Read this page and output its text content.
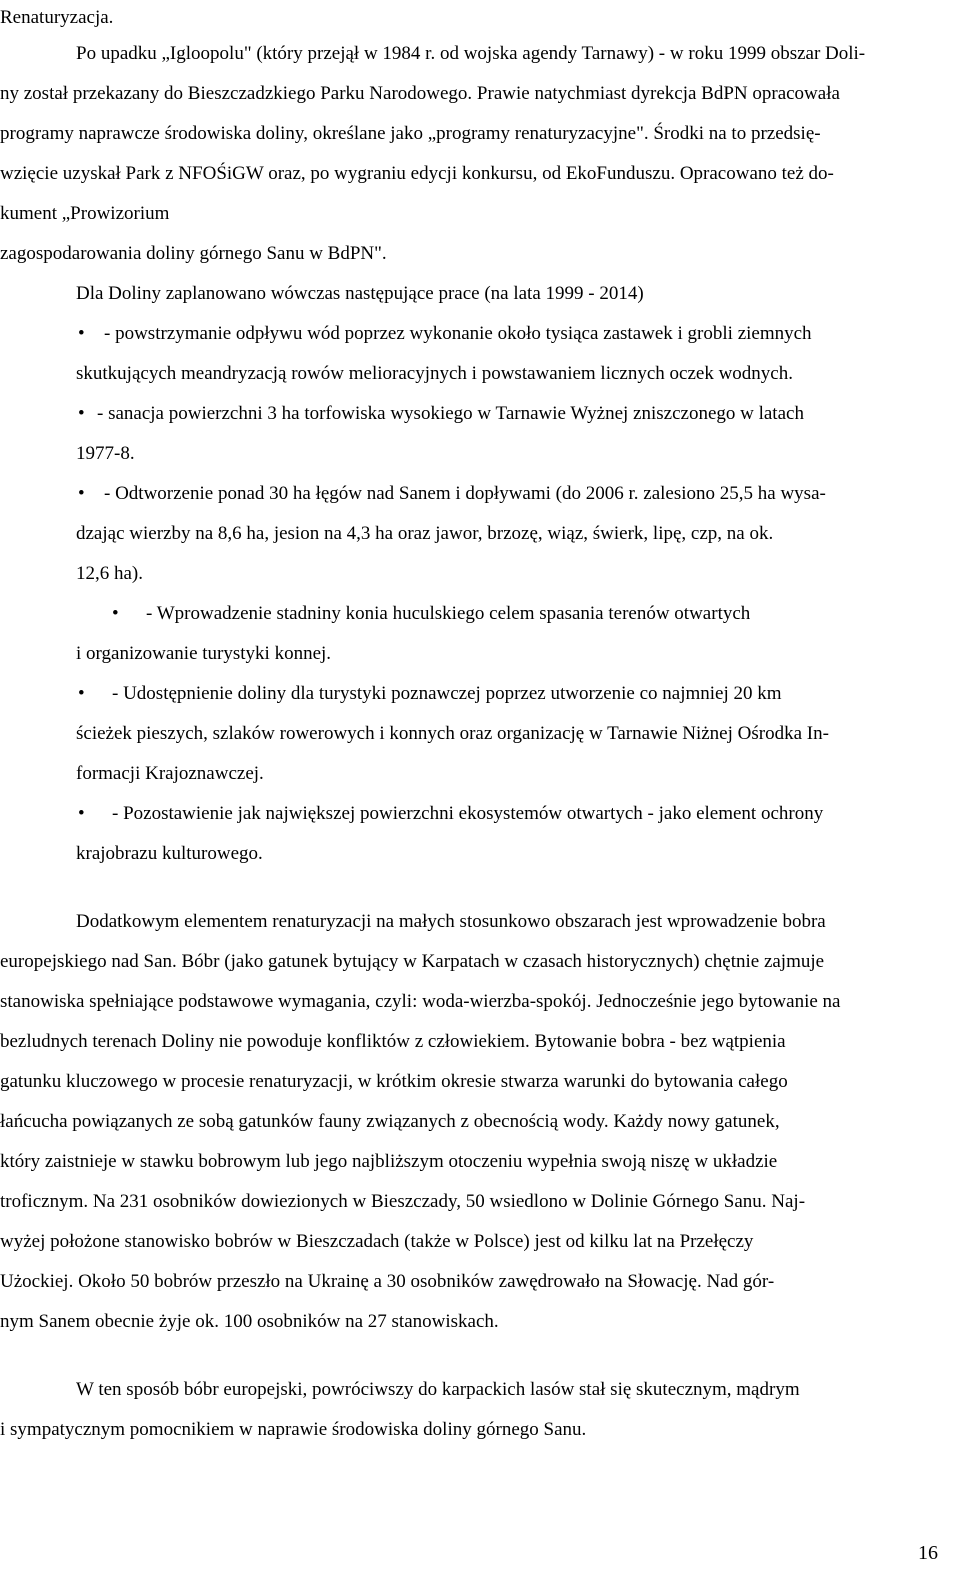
Renaturyzacja.
Po upadku „Igloopolu" (który przejął w 1984 r. od wojska agendy Tarnawy) - w roku 1999 obszar Doli-
ny został przekazany do Bieszczadzkiego Parku Narodowego. Prawie natychmiast dyrekcja BdPN opracowała
programy naprawcze środowiska doliny, określane jako „programy renaturyzacyjne". Środki na to przedsię-
wzięcie uzyskał Park z NFOŚiGW oraz, po wygraniu edycji konkursu, od EkoFunduszu. Opracowano też do-
kument „Prowizorium
zagospodarowania doliny górnego Sanu w BdPN".
Dla Doliny zaplanowano wówczas następujące prace (na lata 1999 - 2014)
• - powstrzymanie odpływu wód poprzez wykonanie około tysiąca zastawek i grobli ziemnych
skutkujących meandryzacją rowów melioracyjnych i powstawaniem licznych oczek wodnych.
• - sanacja powierzchni 3 ha torfowiska wysokiego w Tarnawie Wyżnej zniszczonego w latach
1977-8.
• - Odtworzenie ponad 30 ha łęgów nad Sanem i dopływami (do 2006 r. zalesiono 25,5 ha wysa-
dzając wierzby na 8,6 ha, jesion na 4,3 ha oraz jawor, brzozę, wiąz, świerk, lipę, czp, na ok.
12,6 ha).
• - Wprowadzenie stadniny konia huculskiego celem spasania terenów otwartych
i organizowanie turystyki konnej.
• - Udostępnienie doliny dla turystyki poznawczej poprzez utworzenie co najmniej 20 km
ścieżek pieszych, szlaków rowerowych i konnych oraz organizację w Tarnawie Niżnej Ośrodka In-
formacji Krajoznawczej.
• - Pozostawienie jak największej powierzchni ekosystemów otwartych - jako element ochrony
krajobrazu kulturowego.
Dodatkowym elementem renaturyzacji na małych stosunkowo obszarach jest wprowadzenie bobra
europejskiego nad San. Bóbr (jako gatunek bytujący w Karpatach w czasach historycznych) chętnie zajmuje
stanowiska spełniające podstawowe wymagania, czyli: woda-wierzba-spokój. Jednocześnie jego bytowanie na
bezludnych terenach Doliny nie powoduje konfliktów z człowiekiem. Bytowanie bobra - bez wątpienia
gatunku kluczowego w procesie renaturyzacji, w krótkim okresie stwarza warunki do bytowania całego
łańcucha powiązanych ze sobą gatunków fauny związanych z obecnością wody. Każdy nowy gatunek,
który zaistnieje w stawku bobrowym lub jego najbliższym otoczeniu wypełnia swoją niszę w układzie
troficznym. Na 231 osobników dowiezionych w Bieszczady, 50 wsiedlono w Dolinie Górnego Sanu. Naj-
wyżej położone stanowisko bobrów w Bieszczadach (także w Polsce) jest od kilku lat na Przełęczy
Użockiej. Około 50 bobrów przeszło na Ukrainę a 30 osobników zawędrowało na Słowację. Nad gór-
nym Sanem obecnie żyje ok. 100 osobników na 27 stanowiskach.
W ten sposób bóbr europejski, powróciwszy do karpackich lasów stał się skutecznym, mądrym
i sympatycznym pomocnikiem w naprawie środowiska doliny górnego Sanu.
16
